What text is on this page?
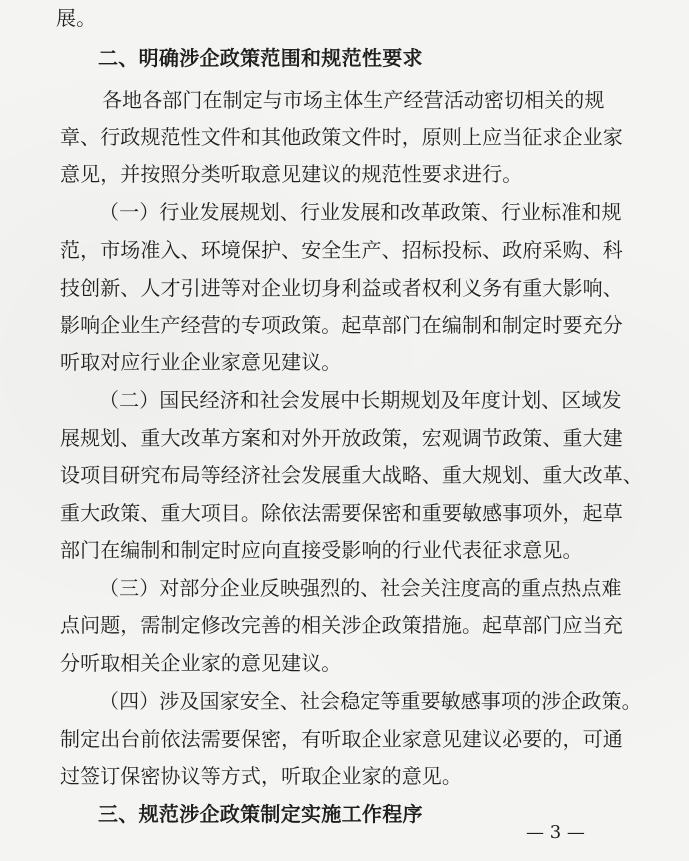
展。
二、明确涉企政策范围和规范性要求
各地各部门在制定与市场主体生产经营活动密切相关的规
章、行政规范性文件和其他政策文件时，原则上应当征求企业家
意见，并按照分类听取意见建议的规范性要求进行。
（一）行业发展规划、行业发展和改革政策、行业标准和规
范，市场准入、环境保护、安全生产、招标投标、政府采购、科
技创新、人才引进等对企业切身利益或者权利义务有重大影响、
影响企业生产经营的专项政策。起草部门在编制和制定时要充分
听取对应行业企业家意见建议。
（二）国民经济和社会发展中长期规划及年度计划、区域发
展规划、重大改革方案和对外开放政策，宏观调节政策、重大建
设项目研究布局等经济社会发展重大战略、重大规划、重大改革、
重大政策、重大项目。除依法需要保密和重要敏感事项外，起草
部门在编制和制定时应向直接受影响的行业代表征求意见。
（三）对部分企业反映强烈的、社会关注度高的重点热点难
点问题，需制定修改完善的相关涉企政策措施。起草部门应当充
分听取相关企业家的意见建议。
（四）涉及国家安全、社会稳定等重要敏感事项的涉企政策。
制定出台前依法需要保密，有听取企业家意见建议必要的，可通
过签订保密协议等方式，听取企业家的意见。
三、规范涉企政策制定实施工作程序
— 3 —
